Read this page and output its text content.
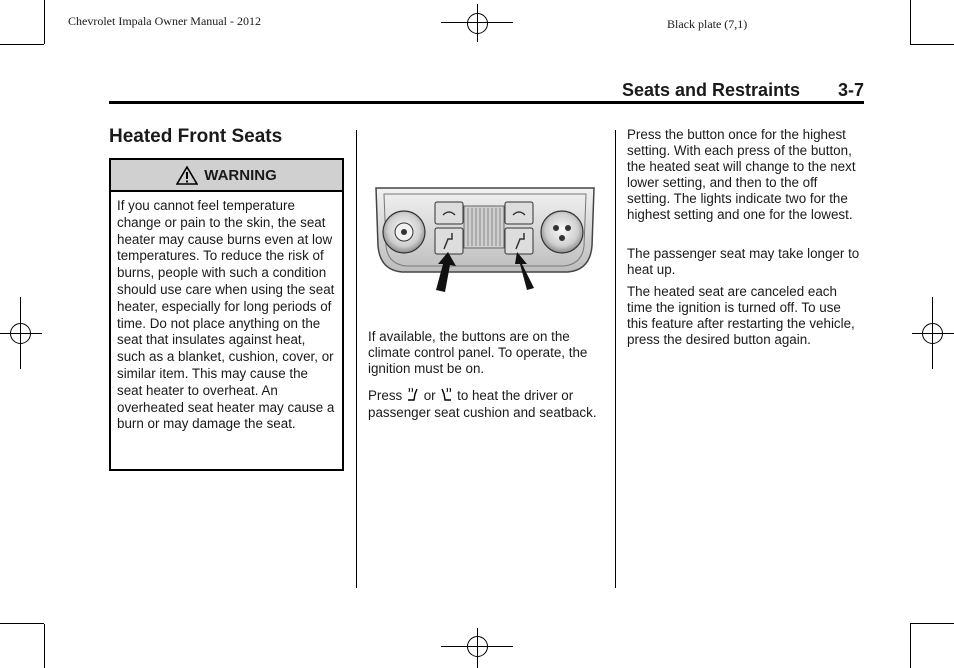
Chevrolet Impala Owner Manual - 2012	Black plate (7,1)
Seats and Restraints 3-7
Heated Front Seats
WARNING
If you cannot feel temperature change or pain to the skin, the seat heater may cause burns even at low temperatures. To reduce the risk of burns, people with such a condition should use care when using the seat heater, especially for long periods of time. Do not place anything on the seat that insulates against heat, such as a blanket, cushion, cover, or similar item. This may cause the seat heater to overheat. An overheated seat heater may cause a burn or may damage the seat.
If available, the buttons are on the climate control panel. To operate, the ignition must be on.
Press or to heat the driver or
passenger seat cushion and seatback.
Press the button once for the highest setting. With each press of the button, the heated seat will change to the next lower setting, and then to the off setting. The lights indicate two for the highest setting and one for the lowest.
The passenger seat may take longer to heat up.
The heated seat are canceled each time the ignition is turned off. To use this feature after restarting the vehicle, press the desired button again.
